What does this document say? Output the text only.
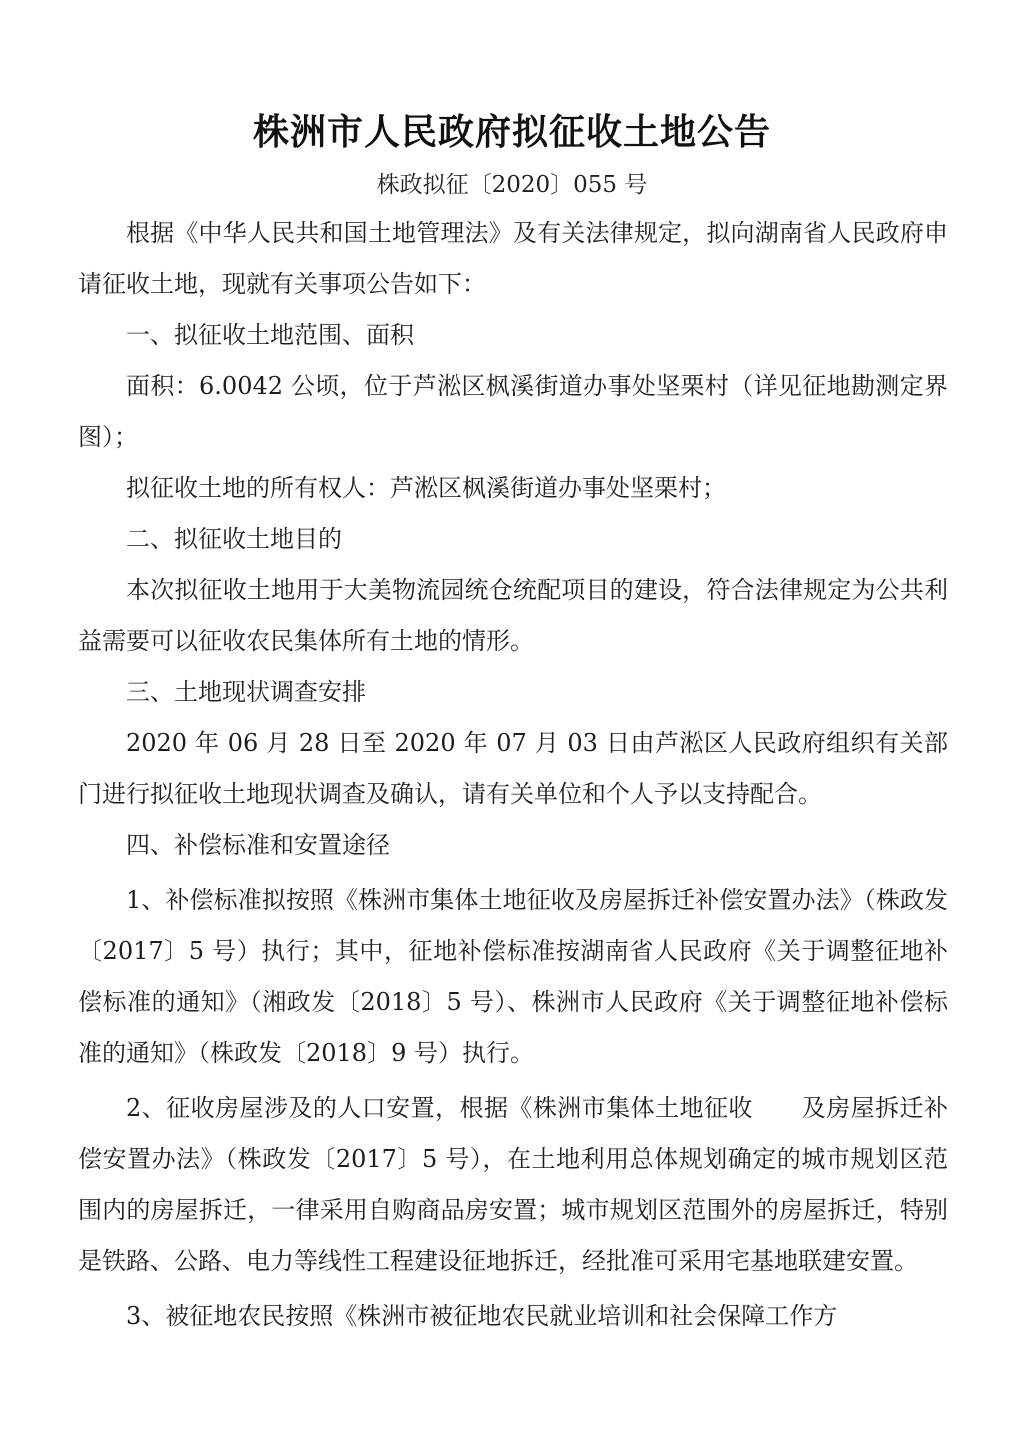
株洲市人民政府拟征收土地公告
株政拟征〔2020〕055 号

根据《中华人民共和国土地管理法》及有关法律规定，拟向湖南省人民政府申请征收土地，现就有关事项公告如下：

一、拟征收土地范围、面积

面积：6.0042 公顷，位于芦淞区枫溪街道办事处坚栗村（详见征地勘测定界图）；

拟征收土地的所有权人：芦淞区枫溪街道办事处坚栗村；

二、拟征收土地目的

本次拟征收土地用于大美物流园统仓统配项目的建设，符合法律规定为公共利益需要可以征收农民集体所有土地的情形。

三、土地现状调查安排

2020 年 06 月 28 日至 2020 年 07 月 03 日由芦淞区人民政府组织有关部门进行拟征收土地现状调查及确认，请有关单位和个人予以支持配合。

四、补偿标准和安置途径

1、补偿标准拟按照《株洲市集体土地征收及房屋拆迁补偿安置办法》（株政发〔2017〕5 号）执行；其中，征地补偿标准按湖南省人民政府《关于调整征地补偿标准的通知》（湘政发〔2018〕5 号）、株洲市人民政府《关于调整征地补偿标准的通知》（株政发〔2018〕9 号）执行。

2、征收房屋涉及的人口安置，根据《株洲市集体土地征收　　及房屋拆迁补偿安置办法》（株政发〔2017〕5 号），在土地利用总体规划确定的城市规划区范围内的房屋拆迁，一律采用自购商品房安置；城市规划区范围外的房屋拆迁，特别是铁路、公路、电力等线性工程建设征地拆迁，经批准可采用宅基地联建安置。

3、被征地农民按照《株洲市被征地农民就业培训和社会保障工作方
